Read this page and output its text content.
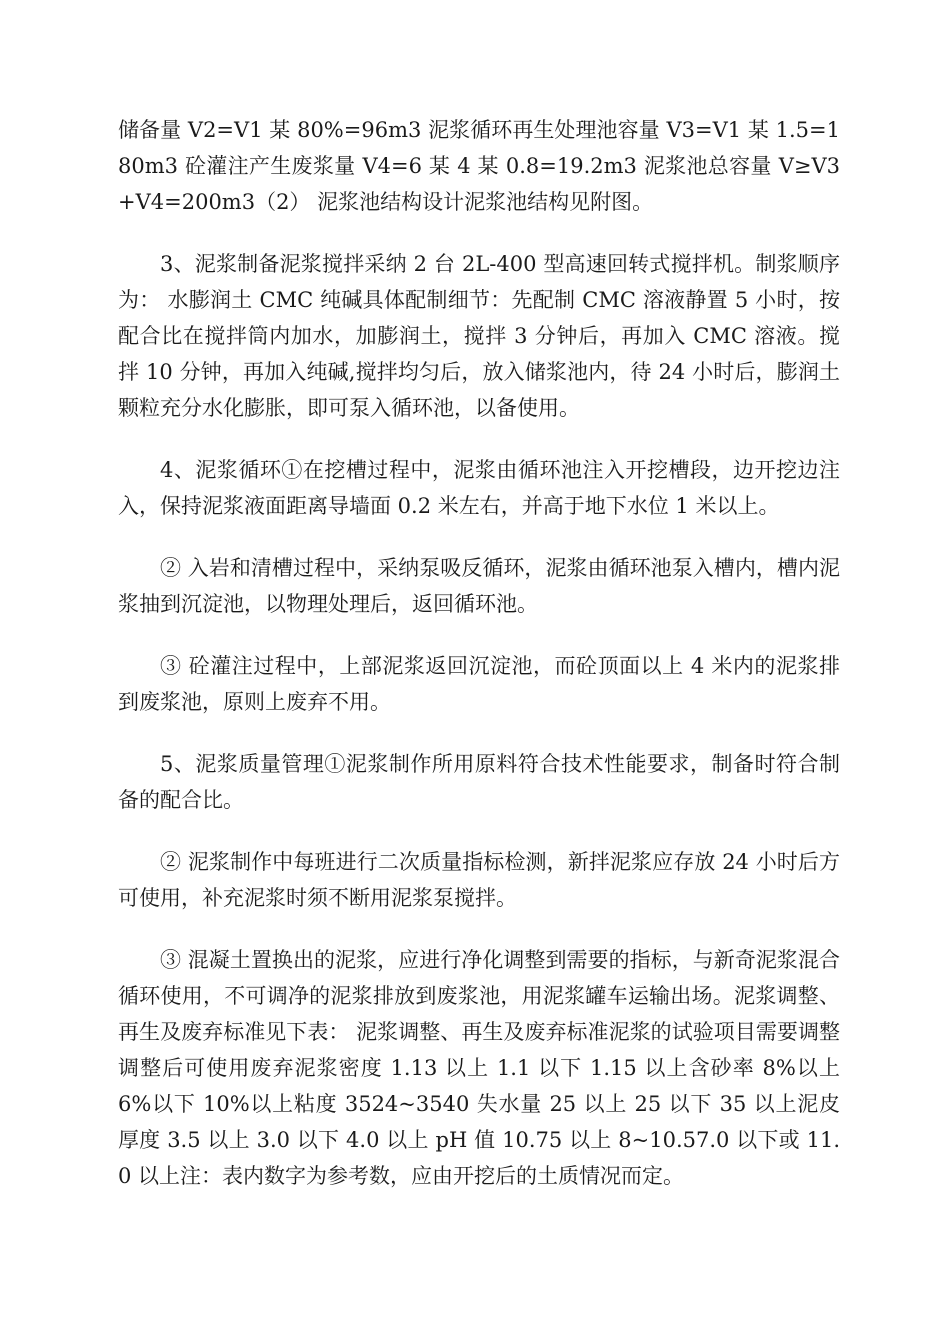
储备量 V2=V1 某 80%=96m3 泥浆循环再生处理池容量 V3=V1 某 1.5=180m3 砼灌注产生废浆量 V4=6 某 4 某 0.8=19.2m3 泥浆池总容量 V≥V3+V4=200m3（2） 泥浆池结构设计泥浆池结构见附图。

3、泥浆制备泥浆搅拌采纳 2 台 2L-400 型高速回转式搅拌机。制浆顺序为： 水膨润土 CMC 纯碱具体配制细节：先配制 CMC 溶液静置 5 小时，按配合比在搅拌筒内加水，加膨润土，搅拌 3 分钟后，再加入 CMC 溶液。搅拌 10 分钟，再加入纯碱,搅拌均匀后，放入储浆池内，待 24 小时后，膨润土颗粒充分水化膨胀，即可泵入循环池，以备使用。

4、泥浆循环①在挖槽过程中，泥浆由循环池注入开挖槽段，边开挖边注入，保持泥浆液面距离导墙面 0.2 米左右，并高于地下水位 1 米以上。

② 入岩和清槽过程中，采纳泵吸反循环，泥浆由循环池泵入槽内，槽内泥浆抽到沉淀池，以物理处理后，返回循环池。

③ 砼灌注过程中，上部泥浆返回沉淀池，而砼顶面以上 4 米内的泥浆排到废浆池，原则上废弃不用。

5、泥浆质量管理①泥浆制作所用原料符合技术性能要求，制备时符合制备的配合比。

② 泥浆制作中每班进行二次质量指标检测，新拌泥浆应存放 24 小时后方可使用，补充泥浆时须不断用泥浆泵搅拌。

③ 混凝土置换出的泥浆，应进行净化调整到需要的指标，与新奇泥浆混合循环使用，不可调净的泥浆排放到废浆池，用泥浆罐车运输出场。泥浆调整、再生及废弃标准见下表： 泥浆调整、再生及废弃标准泥浆的试验项目需要调整调整后可使用废弃泥浆密度 1.13 以上 1.1 以下 1.15 以上含砂率 8%以上 6%以下 10%以上粘度 3524~3540 失水量 25 以上 25 以下 35 以上泥皮厚度 3.5 以上 3.0 以下 4.0 以上 pH 值 10.75 以上 8~10.57.0 以下或 11.0 以上注：表内数字为参考数，应由开挖后的土质情况而定。
